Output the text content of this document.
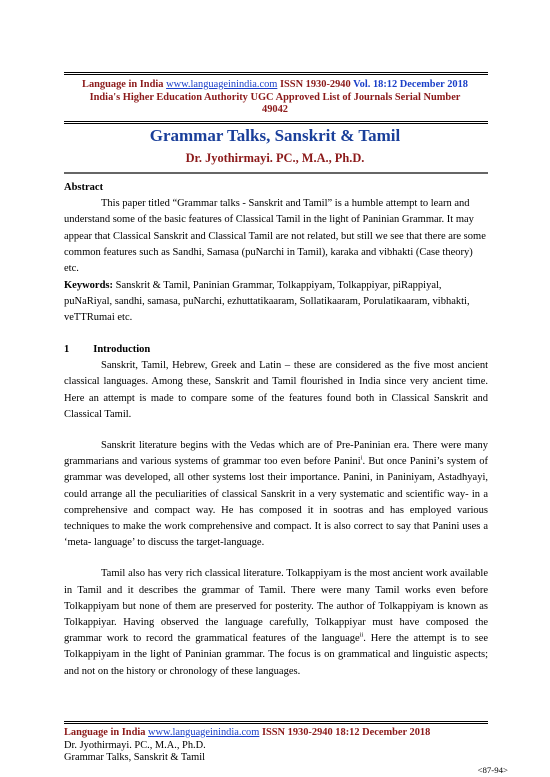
Language in India www.languageinindia.com ISSN 1930-2940 Vol. 18:12 December 2018
India's Higher Education Authority UGC Approved List of Journals Serial Number
49042
Grammar Talks, Sanskrit & Tamil
Dr. Jyothirmayi. PC., M.A., Ph.D.
Abstract
This paper titled “Grammar talks - Sanskrit and Tamil” is a humble attempt to learn and understand some of the basic features of Classical Tamil in the light of Paninian Grammar. It may appear that Classical Sanskrit and Classical Tamil are not related, but still we see that there are some common features such as Sandhi, Samasa (puNarchi in Tamil), karaka and vibhakti (Case theory) etc.
Keywords: Sanskrit & Tamil, Paninian Grammar, Tolkappiyam, Tolkappiyar, piRappiyal, puNaRiyal, sandhi, samasa, puNarchi, ezhuttatikaaram, Sollatikaaram, Porulatikaaram, vibhakti, veTTRumai etc.
1 Introduction
Sanskrit, Tamil, Hebrew, Greek and Latin – these are considered as the five most ancient classical languages. Among these, Sanskrit and Tamil flourished in India since very ancient time. Here an attempt is made to compare some of the features found both in Classical Sanskrit and Classical Tamil.
Sanskrit literature begins with the Vedas which are of Pre-Paninian era. There were many grammarians and various systems of grammar too even before Panini$^i$. But once Panini’s system of grammar was developed, all other systems lost their importance. Panini, in Paniniyam, Astadhyayi, could arrange all the peculiarities of classical Sanskrit in a very systematic and scientific way- in a comprehensive and compact way. He has composed it in sootras and has employed various techniques to make the work comprehensive and compact. It is also correct to say that Panini uses a ‘meta- language’ to discuss the target-language.
Tamil also has very rich classical literature. Tolkappiyam is the most ancient work available in Tamil and it describes the grammar of Tamil. There were many Tamil works even before Tolkappiyam but none of them are preserved for posterity. The author of Tolkappiyam is known as Tolkappiyar. Having observed the language carefully, Tolkappiyar must have composed the grammar work to record the grammatical features of the language$^{ii}$. Here the attempt is to see Tolkappiyam in the light of Paninian grammar. The focus is on grammatical and linguistic aspects; and not on the history or chronology of these languages.
Language in India www.languageinindia.com ISSN 1930-2940 18:12 December 2018
Dr. Jyothirmayi. PC., M.A., Ph.D.
Grammar Talks, Sanskrit & Tamil
<87-94>
